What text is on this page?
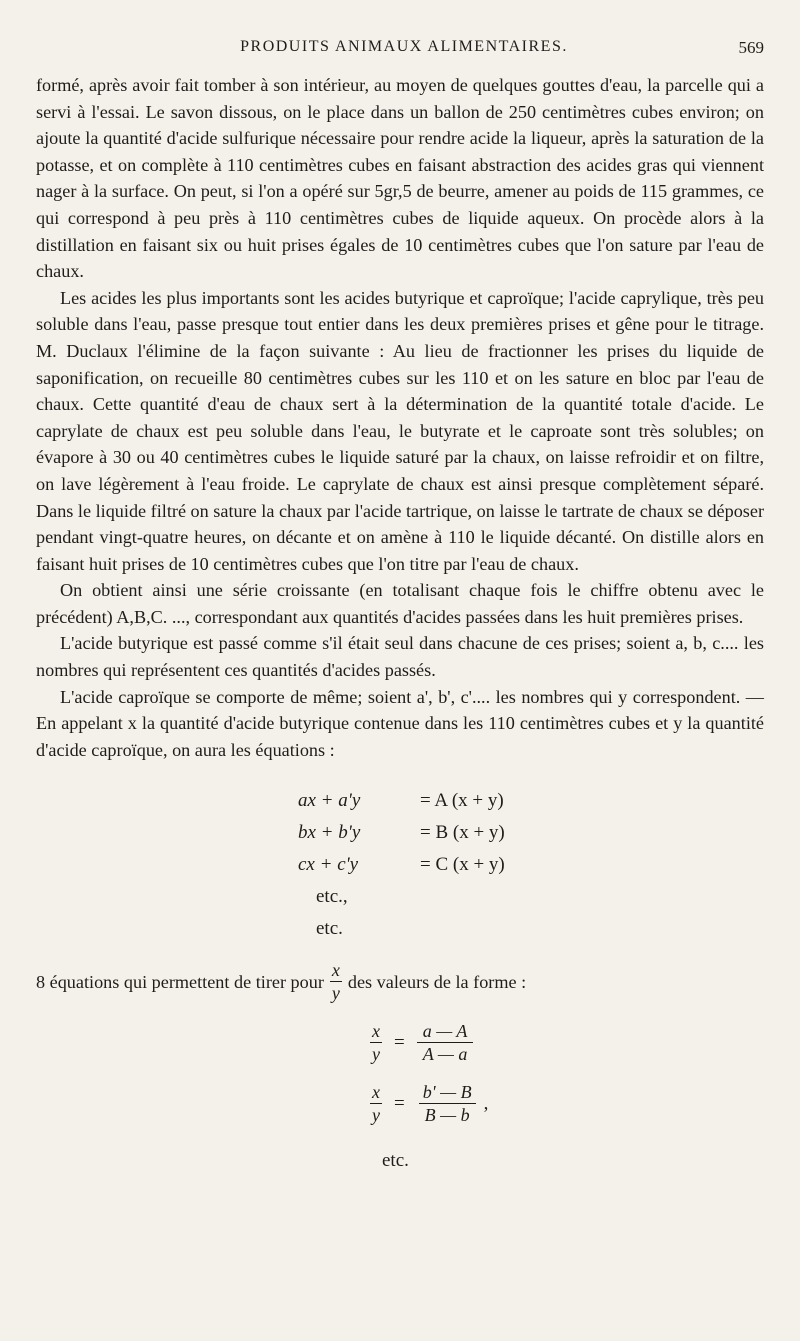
PRODUITS ANIMAUX ALIMENTAIRES.	569

formé, après avoir fait tomber à son intérieur, au moyen de quelques gouttes d'eau, la parcelle qui a servi à l'essai. Le savon dissous, on le place dans un ballon de 250 centimètres cubes environ; on ajoute la quantité d'acide sulfurique nécessaire pour rendre acide la liqueur, après la saturation de la potasse, et on complète à 110 centimètres cubes en faisant abstraction des acides gras qui viennent nager à la surface. On peut, si l'on a opéré sur 5gr,5 de beurre, amener au poids de 115 grammes, ce qui correspond à peu près à 110 centimètres cubes de liquide aqueux. On procède alors à la distillation en faisant six ou huit prises égales de 10 centimètres cubes que l'on sature par l'eau de chaux.

Les acides les plus importants sont les acides butyrique et caproïque; l'acide caprylique, très peu soluble dans l'eau, passe presque tout entier dans les deux premières prises et gêne pour le titrage. M. Duclaux l'élimine de la façon suivante : Au lieu de fractionner les prises du liquide de saponification, on recueille 80 centimètres cubes sur les 110 et on les sature en bloc par l'eau de chaux. Cette quantité d'eau de chaux sert à la détermination de la quantité totale d'acide. Le caprylate de chaux est peu soluble dans l'eau, le butyrate et le caproate sont très solubles; on évapore à 30 ou 40 centimètres cubes le liquide saturé par la chaux, on laisse refroidir et on filtre, on lave légèrement à l'eau froide. Le caprylate de chaux est ainsi presque complètement séparé. Dans le liquide filtré on sature la chaux par l'acide tartrique, on laisse le tartrate de chaux se déposer pendant vingt-quatre heures, on décante et on amène à 110 le liquide décanté. On distille alors en faisant huit prises de 10 centimètres cubes que l'on titre par l'eau de chaux.

On obtient ainsi une série croissante (en totalisant chaque fois le chiffre obtenu avec le précédent) A,B,C. ..., correspondant aux quantités d'acides passées dans les huit premières prises.

L'acide butyrique est passé comme s'il était seul dans chacune de ces prises; soient a, b, c.... les nombres qui représentent ces quantités d'acides passés.

L'acide caproïque se comporte de même; soient a', b', c'.... les nombres qui y correspondent. — En appelant x la quantité d'acide butyrique contenue dans les 110 centimètres cubes et y la quantité d'acide caproïque, on aura les équations :

ax + a'y	= A (x + y)
bx + b'y	= B (x + y)
cx + c'y	= C (x + y)
etc.,
etc.
8 équations qui permettent de tirer pour $\frac{x}{y}$ des valeurs de la forme :
$\frac{x}{y} = \frac{a — A}{A — a}$
$\frac{x}{y} = \frac{b' — B}{B — b}$ ,
etc.
